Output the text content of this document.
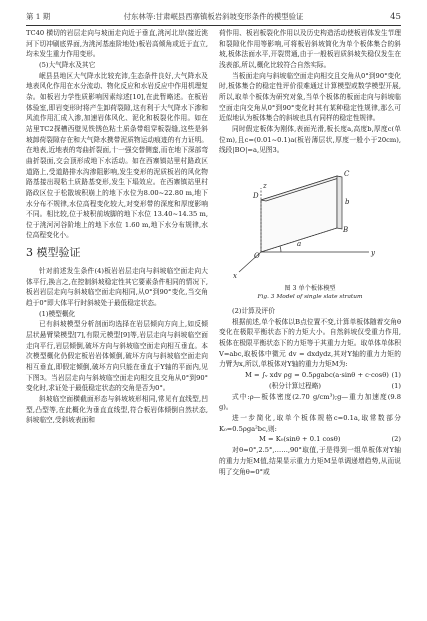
第 1 期	付东林等:甘肃岷县西寨镇板岩斜坡变形条件的模型验证	45

TC40 横切的岩层走向与坡面走向近于垂直,洮河北岸(接近洮河下切冲刷底界面,为洮河基座阶地处)板岩高倾角或近于直立,均未发生重力作用变形。

(5)大气降水及其它

岷县县地区大气降水比较充沛,生态条件良好,大气降水及地表风化作用在水分流动、物化反应和水岩反应中作用机理复杂。如板岩力学性质影响因素综述[10],在此暂略述。在板岩体验室,即岩变形时将产生卸荷裂隙,这有利于大气降水下渗和风流作用汇成入渗,加速岩体风化、泥化和板裂化作用。如在站里TC2探槽西壁见铁锈色粘土质条带组穿板裂缝,这些是斜坡卸荷裂隙存在和大气降水携带泥质物运动痕迹的有力证明。在地表,近地表的弯曲折裂面,十一强交替侧蛮,而在地下深部弯曲折裂面,交会顶形成地下水活动。如在西寨镇站里村路政区道路上,受道路排水沟渗阻影响,发生变形的泥质板岩的风化物路基接出现粘土质路基变形,发生下塌效应。在西寨镇站里村路政区位于松散坡积崩上的地下水位为8.00~22.80 m,地下水分布不规律,水位高程变化较大,对变形带的深度和厚度影响不同。相比较,位于坡积前坡脚的地下水位 13.40~14.35 m,位于洮河河谷阶地上的地下水位 1.60 m,地下水分布规律,水位高程变化小。

3 模型验证

针对前述发生条件(4)板岩岩层走向与斜坡临空面走向大体平行,换言之,在控制斜坡稳定性其它要素条件相同的情况下,板岩岩层走向与斜坡临空面走向相同,从0°到90°变化,当交角趋于0°即大体平行时斜坡处于最低稳定状态。

(1)模型概化

已有斜坡模型分析剖面均选择在岩层倾向方向上,如反倾层状悬臂梁模型[7],有限元模型[9]等,岩层走向与斜坡临空面走向平行,岩层倾倒,破坏方向与斜坡临空面走向相互垂直。本次模型概化仍假定板岩岩体倾倒,破坏方向与斜坡临空面走向相互垂直,即假定倾倒,破坏方向只能在垂直于Y轴的平面内,见下图3。当岩层走向与斜坡临空面走向相交且交角从0°到90°变化时,求证处于最低稳定状态的交角是否为0°。

斜坡临空面横截面形态与斜坡坡形相同,常见有直线型,凹型,凸型等,在此概化为垂直直线型,符合板岩体倾倒自然状态,斜坡临空,受斜坡表面和

荷作用、板岩板裂化作用以及历史构造活动使板岩体发生节理和裂隙化作用等影响,可将板岩斜坡简化为单个板体集合的斜坡,板体法面水平,开裂贯通,由于一般板岩质斜坡失稳仅发生在浅表部,所以,概化比较符合自然实际。

当板面走向与斜坡临空面走向相交且交角从0°到90°变化时,板体集合的稳定性评价很难通过计算模型或数学模型开展,所以,取单个板体为研究对象,当单个板体的板面走向与斜坡临空面走向交角从0°到90°变化时其有某种稳定性规律,那么可近似地认为板体集合的斜坡也具有同样的稳定性规律。

同时假定板体为刚体,表面光滑,板长度a,高度b,厚度c(单位m),且c=(0.01~0.1)a(板岩薄层状,厚度一般小于20cm),线段|BO|=a,见图3。

D
C
B
O
a
b
y
x
z
图 3 单个板体模型
Fig. 3 Model of single slate stratum

(2)计算及评价

根据前述,单个板体以B点位置不变,计算单板体随着交角θ变化在极限平衡状态下的力矩大小。自然斜坡仅受重力作用,板体在极限平衡状态下的力矩等于其重力力矩。取单体单体积 V=abc,取板体中微元 dv = dxdydz,其对Y轴的重力力矩的力臂为x,所以,单板体对Y轴的重力力矩M为:

M = ∫ᵥ xdv ρg = 0.5ρgabc(a·sinθ + c·cosθ) (1)
(积分计算过程略)	(1)

式中:ρ—板体密度(2.70 g/cm³);g—重力加速度(9.8 g)。

进一步简化,取单个板体规格c=0.1a,取常数部分K₀=0.5ρga²bc,则:

M = K₀(sinθ + 0.1 cosθ)	(2)

对θ=0°,2.5°,……,90°取值,于是得到一组单板体对Y轴的重力力矩M值,结果显示重力力矩M呈单调递增趋势,从而说明了交角θ=0°或
